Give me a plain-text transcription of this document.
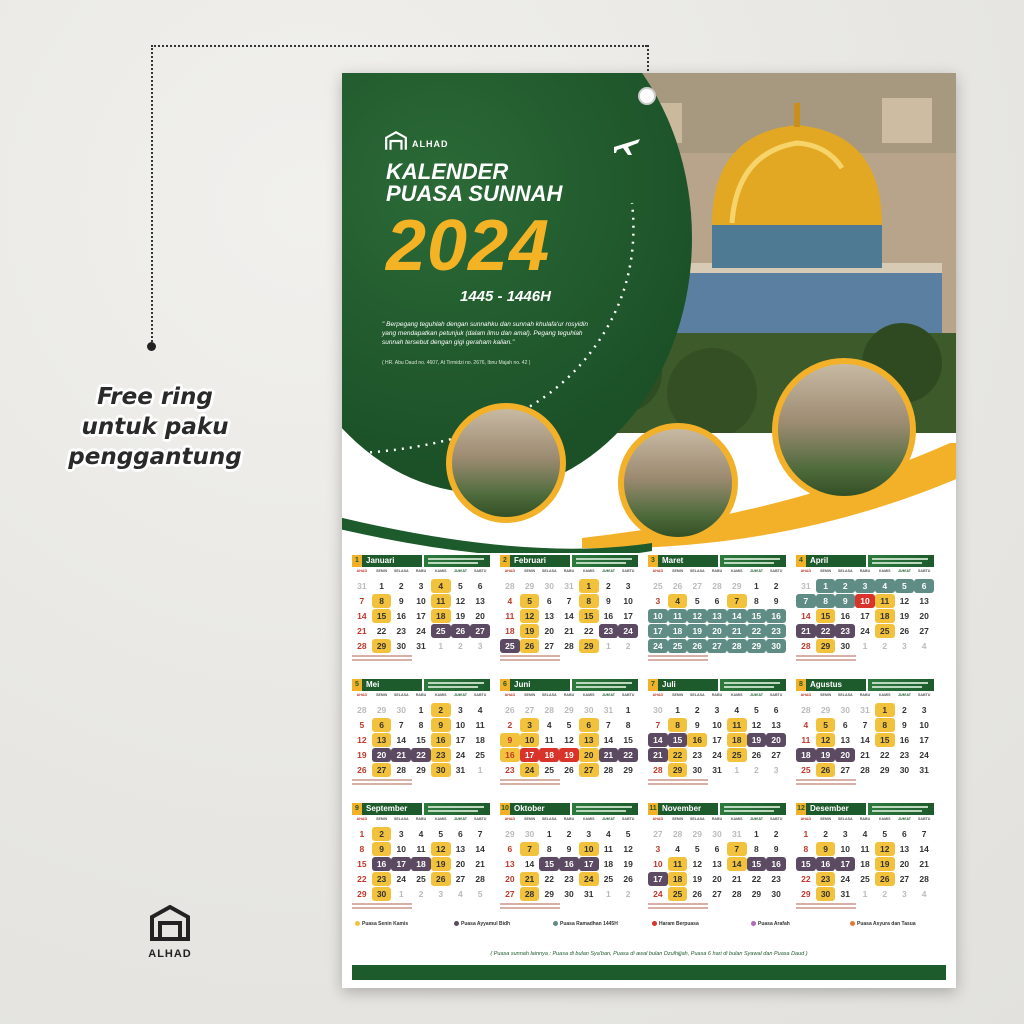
Free ring
untuk paku
penggantung
ALHAD
ALHAD
KALENDER
PUASA SUNNAH
2024
1445 - 1446H
" Berpegang teguhlah dengan sunnahku dan sunnah khulafa'ur rosyidin yang mendapatkan petunjuk (dalam ilmu dan amal). Pegang teguhlah sunnah tersebut dengan gigi geraham kalian."
( HR. Abu Daud no. 4607, At Tirmidzi no. 2676, Ibnu Majah no. 42 )
1 Januari
AHAD	SENIN	SELASA	RABU	KAMIS	JUM'AT	SABTU
31	1	2	3	4	5	6
7	8	9	10	11	12	13
14	15	16	17	18	19	20
21	22	23	24	25	26	27
28	29	30	31	1	2	3
2 Februari
AHAD	SENIN	SELASA	RABU	KAMIS	JUM'AT	SABTU
28	29	30	31	1	2	3
4	5	6	7	8	9	10
11	12	13	14	15	16	17
18	19	20	21	22	23	24
25	26	27	28	29	1	2
3 Maret
AHAD	SENIN	SELASA	RABU	KAMIS	JUM'AT	SABTU
25	26	27	28	29	1	2
3	4	5	6	7	8	9
10	11	12	13	14	15	16
17	18	19	20	21	22	23
24	25	26	27	28	29	30
4 April
AHAD	SENIN	SELASA	RABU	KAMIS	JUM'AT	SABTU
31	1	2	3	4	5	6
7	8	9	10	11	12	13
14	15	16	17	18	19	20
21	22	23	24	25	26	27
28	29	30	1	2	3	4
5 Mei
AHAD	SENIN	SELASA	RABU	KAMIS	JUM'AT	SABTU
28	29	30	1	2	3	4
5	6	7	8	9	10	11
12	13	14	15	16	17	18
19	20	21	22	23	24	25
26	27	28	29	30	31	1
6 Juni
AHAD	SENIN	SELASA	RABU	KAMIS	JUM'AT	SABTU
26	27	28	29	30	31	1
2	3	4	5	6	7	8
9	10	11	12	13	14	15
16	17	18	19	20	21	22
23	24	25	26	27	28	29
7 Juli
AHAD	SENIN	SELASA	RABU	KAMIS	JUM'AT	SABTU
30	1	2	3	4	5	6
7	8	9	10	11	12	13
14	15	16	17	18	19	20
21	22	23	24	25	26	27
28	29	30	31	1	2	3
8 Agustus
AHAD	SENIN	SELASA	RABU	KAMIS	JUM'AT	SABTU
28	29	30	31	1	2	3
4	5	6	7	8	9	10
11	12	13	14	15	16	17
18	19	20	21	22	23	24
25	26	27	28	29	30	31
9 September
AHAD	SENIN	SELASA	RABU	KAMIS	JUM'AT	SABTU
1	2	3	4	5	6	7
8	9	10	11	12	13	14
15	16	17	18	19	20	21
22	23	24	25	26	27	28
29	30	1	2	3	4	5
10 Oktober
AHAD	SENIN	SELASA	RABU	KAMIS	JUM'AT	SABTU
29	30	1	2	3	4	5
6	7	8	9	10	11	12
13	14	15	16	17	18	19
20	21	22	23	24	25	26
27	28	29	30	31	1	2
11 November
AHAD	SENIN	SELASA	RABU	KAMIS	JUM'AT	SABTU
27	28	29	30	31	1	2
3	4	5	6	7	8	9
10	11	12	13	14	15	16
17	18	19	20	21	22	23
24	25	26	27	28	29	30
12 Desember
AHAD	SENIN	SELASA	RABU	KAMIS	JUM'AT	SABTU
1	2	3	4	5	6	7
8	9	10	11	12	13	14
15	16	17	18	19	20	21
22	23	24	25	26	27	28
29	30	31	1	2	3	4
Puasa Senin Kamis	Puasa Ayyamul Bidh	Puasa Ramadhan 1445H	Haram Berpuasa	Puasa Arafah	Puasa Asyura dan Tasua
( Puasa sunnah lainnya : Puasa di bulan Sya'ban, Puasa di awal bulan Dzulhijjah, Puasa 6 hari di bulan Syawal dan Puasa Daud )
